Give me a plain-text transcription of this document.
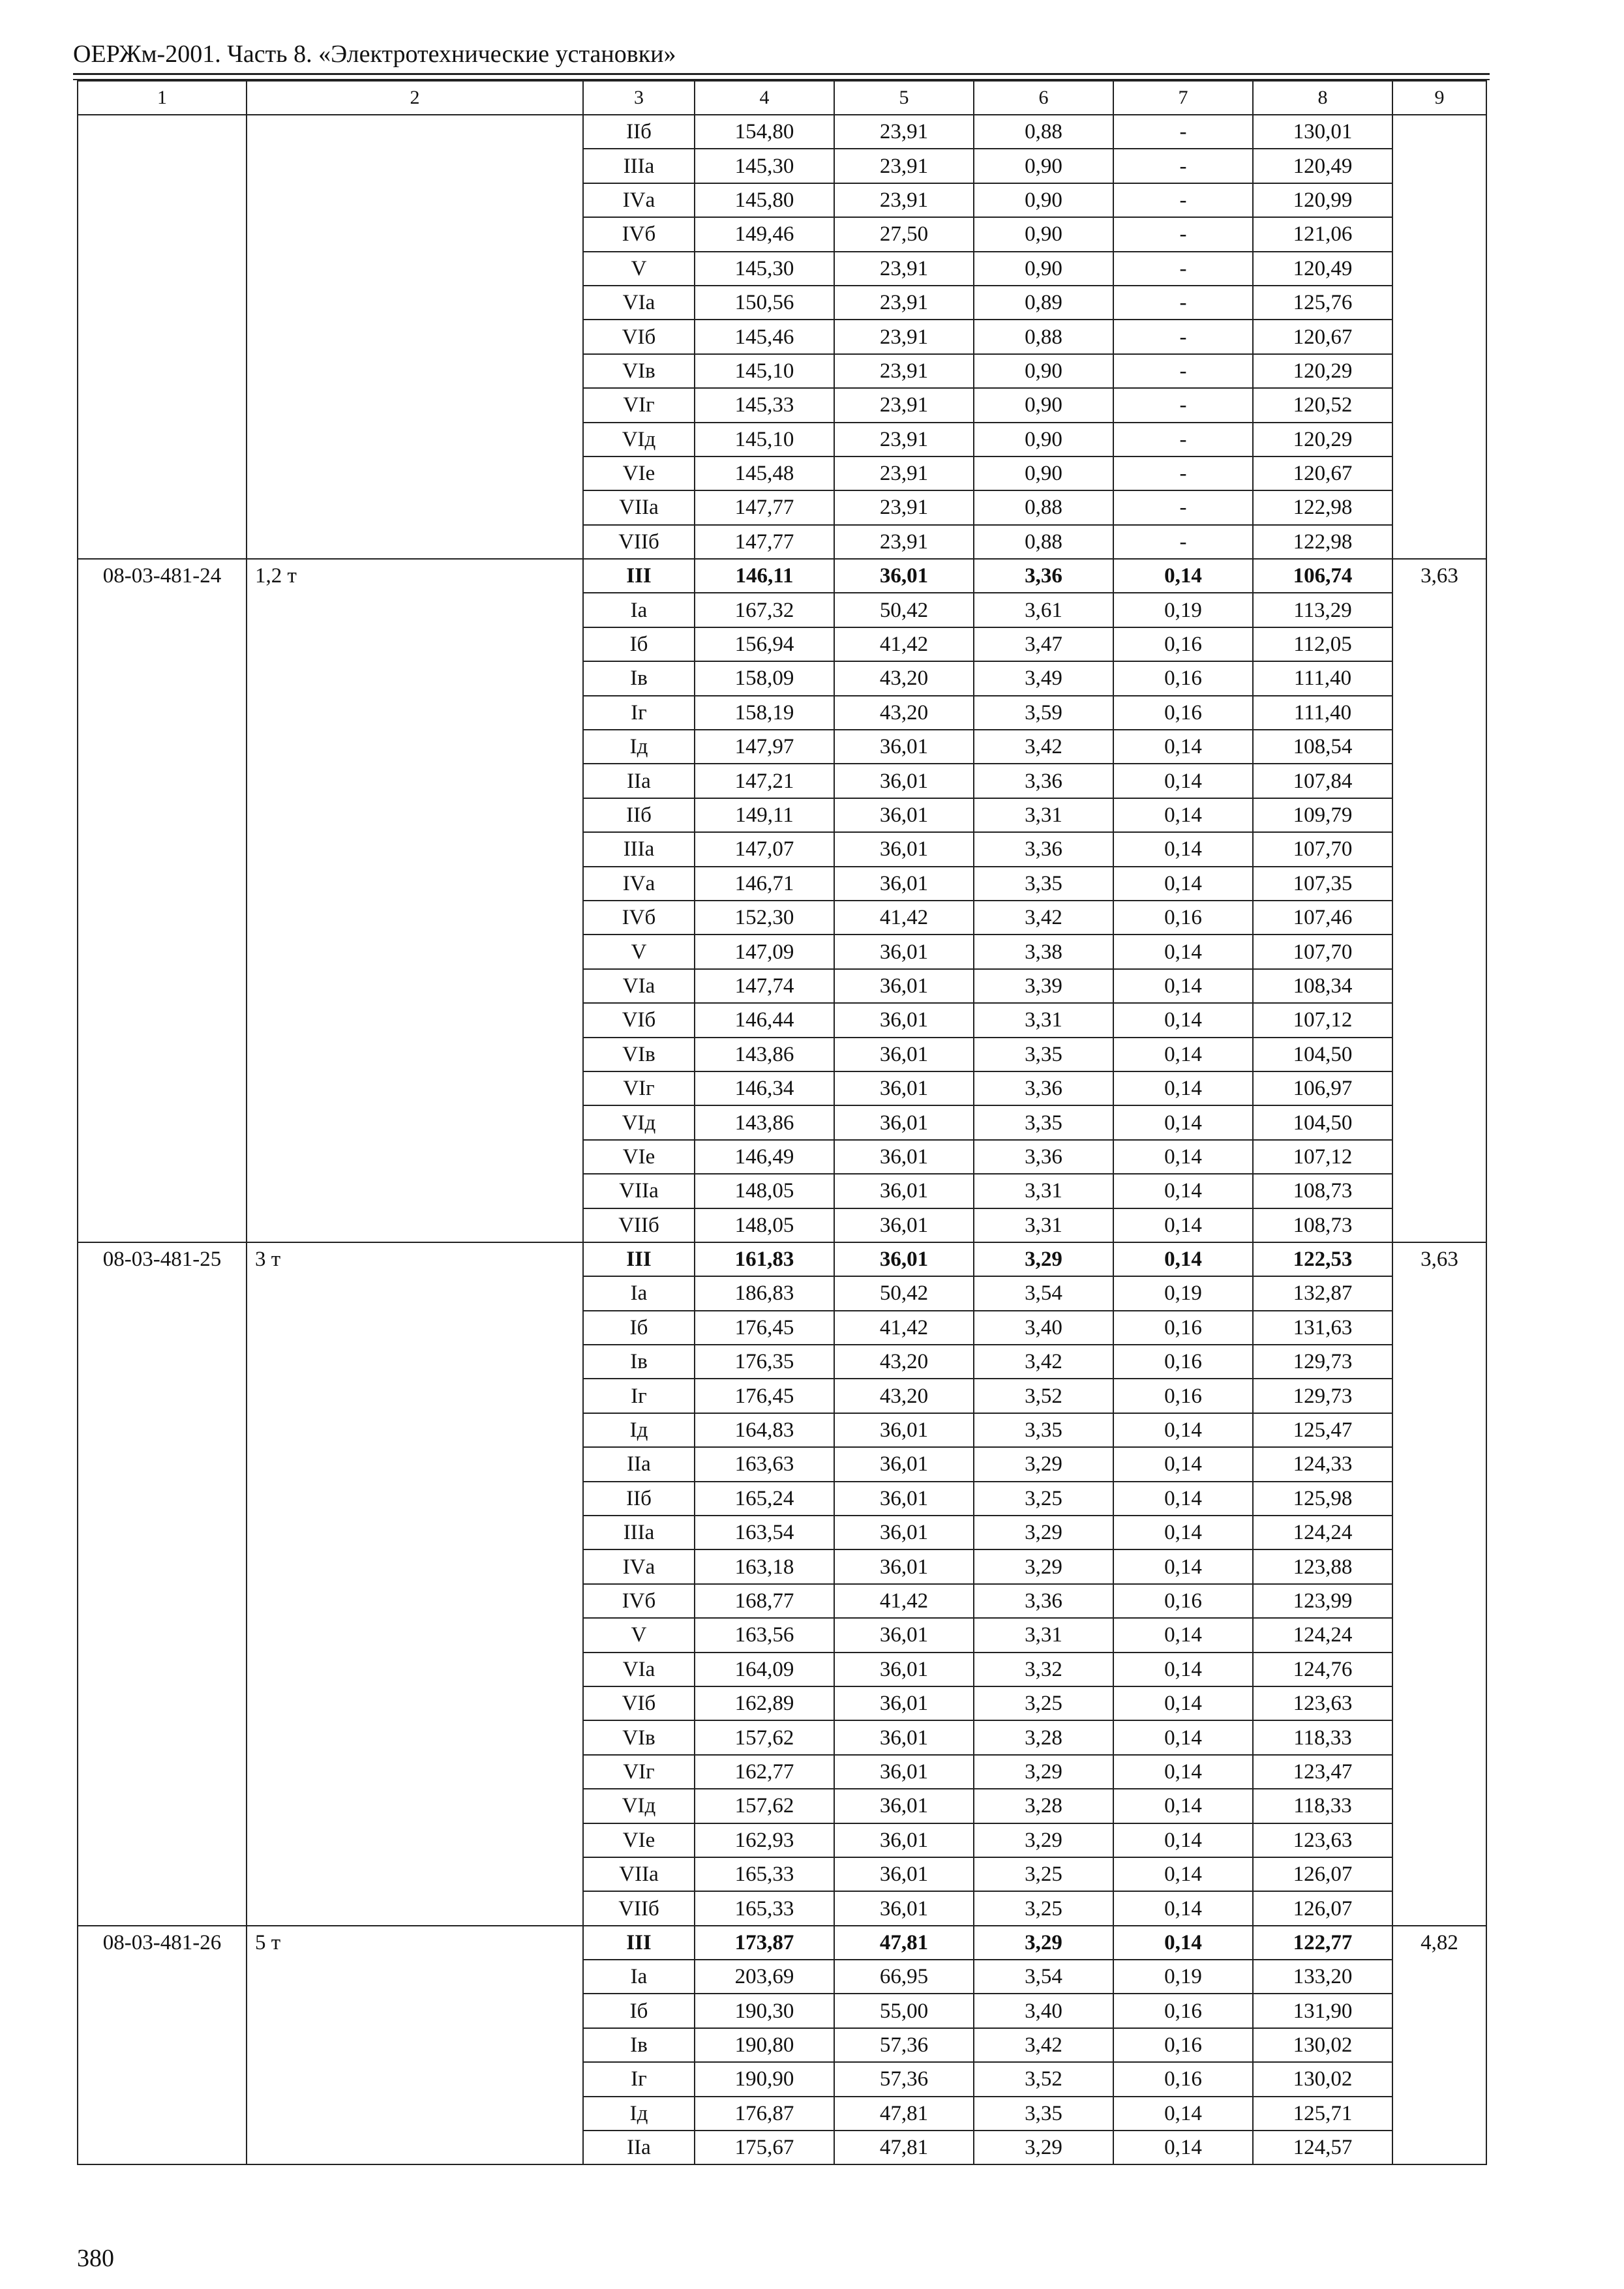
ОЕРЖм-2001. Часть 8. «Электротехнические установки»
1	2	3	4	5	6	7	8	9
		IIб	154,80	23,91	0,88	-	130,01	
		IIIа	145,30	23,91	0,90	-	120,49	
		IVа	145,80	23,91	0,90	-	120,99	
		IVб	149,46	27,50	0,90	-	121,06	
		V	145,30	23,91	0,90	-	120,49	
		VIа	150,56	23,91	0,89	-	125,76	
		VIб	145,46	23,91	0,88	-	120,67	
		VIв	145,10	23,91	0,90	-	120,29	
		VIг	145,33	23,91	0,90	-	120,52	
		VIд	145,10	23,91	0,90	-	120,29	
		VIе	145,48	23,91	0,90	-	120,67	
		VIIа	147,77	23,91	0,88	-	122,98	
		VIIб	147,77	23,91	0,88	-	122,98	
08-03-481-24	1,2 т	III	146,11	36,01	3,36	0,14	106,74	3,63
		Iа	167,32	50,42	3,61	0,19	113,29	
		Iб	156,94	41,42	3,47	0,16	112,05	
		Iв	158,09	43,20	3,49	0,16	111,40	
		Iг	158,19	43,20	3,59	0,16	111,40	
		Iд	147,97	36,01	3,42	0,14	108,54	
		IIа	147,21	36,01	3,36	0,14	107,84	
		IIб	149,11	36,01	3,31	0,14	109,79	
		IIIа	147,07	36,01	3,36	0,14	107,70	
		IVа	146,71	36,01	3,35	0,14	107,35	
		IVб	152,30	41,42	3,42	0,16	107,46	
		V	147,09	36,01	3,38	0,14	107,70	
		VIа	147,74	36,01	3,39	0,14	108,34	
		VIб	146,44	36,01	3,31	0,14	107,12	
		VIв	143,86	36,01	3,35	0,14	104,50	
		VIг	146,34	36,01	3,36	0,14	106,97	
		VIд	143,86	36,01	3,35	0,14	104,50	
		VIе	146,49	36,01	3,36	0,14	107,12	
		VIIа	148,05	36,01	3,31	0,14	108,73	
		VIIб	148,05	36,01	3,31	0,14	108,73	
08-03-481-25	3 т	III	161,83	36,01	3,29	0,14	122,53	3,63
		Iа	186,83	50,42	3,54	0,19	132,87	
		Iб	176,45	41,42	3,40	0,16	131,63	
		Iв	176,35	43,20	3,42	0,16	129,73	
		Iг	176,45	43,20	3,52	0,16	129,73	
		Iд	164,83	36,01	3,35	0,14	125,47	
		IIа	163,63	36,01	3,29	0,14	124,33	
		IIб	165,24	36,01	3,25	0,14	125,98	
		IIIа	163,54	36,01	3,29	0,14	124,24	
		IVа	163,18	36,01	3,29	0,14	123,88	
		IVб	168,77	41,42	3,36	0,16	123,99	
		V	163,56	36,01	3,31	0,14	124,24	
		VIа	164,09	36,01	3,32	0,14	124,76	
		VIб	162,89	36,01	3,25	0,14	123,63	
		VIв	157,62	36,01	3,28	0,14	118,33	
		VIг	162,77	36,01	3,29	0,14	123,47	
		VIд	157,62	36,01	3,28	0,14	118,33	
		VIе	162,93	36,01	3,29	0,14	123,63	
		VIIа	165,33	36,01	3,25	0,14	126,07	
		VIIб	165,33	36,01	3,25	0,14	126,07	
08-03-481-26	5 т	III	173,87	47,81	3,29	0,14	122,77	4,82
		Iа	203,69	66,95	3,54	0,19	133,20	
		Iб	190,30	55,00	3,40	0,16	131,90	
		Iв	190,80	57,36	3,42	0,16	130,02	
		Iг	190,90	57,36	3,52	0,16	130,02	
		Iд	176,87	47,81	3,35	0,14	125,71	
		IIа	175,67	47,81	3,29	0,14	124,57	
380
